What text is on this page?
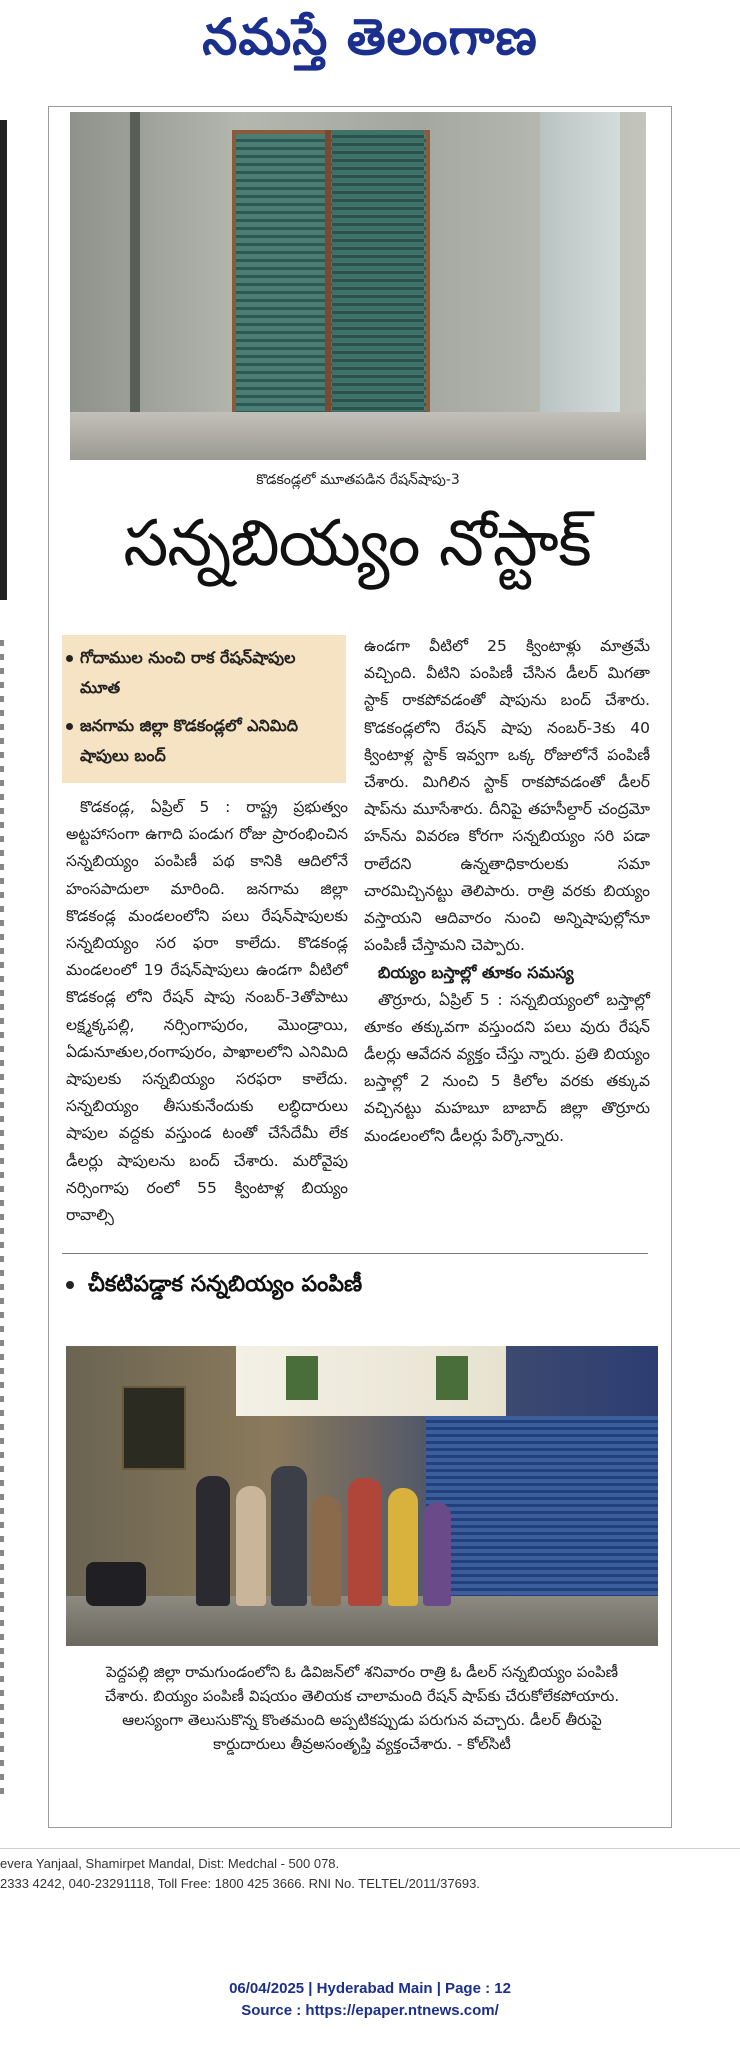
నమస్తే తెలంగాణ
కొడకండ్లలో మూతపడిన రేషన్‌షాపు-3
సన్నబియ్యం నోస్టాక్
గోదాముల నుంచి రాక రేషన్‌షాపుల మూత
జనగామ జిల్లా కొడకండ్లలో ఎనిమిది షాపులు బంద్

కొడకండ్ల, ఏప్రిల్ 5 : రాష్ట్ర ప్రభుత్వం అట్టహాసంగా ఉగాది పండుగ రోజు ప్రారంభించిన సన్నబియ్యం పంపిణీ పథ కానికి ఆదిలోనే హంసపాదులా మారింది. జనగామ జిల్లా కొడకండ్ల మండలంలోని పలు రేషన్‌షాపులకు సన్నబియ్యం సర ఫరా కాలేదు. కొడకండ్ల మండలంలో 19 రేషన్‌షాపులు ఉండగా వీటిలో కొడకండ్ల లోని రేషన్ షాపు నంబర్-3తోపాటు లక్ష్మక్కపల్లి, నర్సింగాపురం, మొండ్రాయి, ఏడునూతుల,రంగాపురం, పాఖాలలోని ఎనిమిది షాపులకు సన్నబియ్యం సరఫరా కాలేదు. సన్నబియ్యం తీసుకునేందుకు లబ్ధిదారులు షాపుల వద్దకు వస్తుండ టంతో చేసేదేమీ లేక డీలర్లు షాపులను బంద్ చేశారు. మరోవైపు నర్సింగాపు రంలో 55 క్వింటాళ్ల బియ్యం రావాల్సి

ఉండగా వీటిలో 25 క్వింటాళ్లు మాత్రమే వచ్చింది. వీటిని పంపిణీ చేసిన డీలర్ మిగతా స్టాక్ రాకపోవడంతో షాపును బంద్ చేశారు. కొడకండ్లలోని రేషన్ షాపు నంబర్-3కు 40 క్వింటాళ్ల స్టాక్ ఇవ్వగా ఒక్క రోజులోనే పంపిణీ చేశారు. మిగిలిన స్టాక్ రాకపోవడంతో డీలర్ షాప్‌ను మూసేశారు. దీనిపై తహసీల్దార్ చంద్రమో హన్‌ను వివరణ కోరగా సన్నబియ్యం సరి పడా రాలేదని ఉన్నతాధికారులకు సమా చారమిచ్చినట్టు తెలిపారు. రాత్రి వరకు బియ్యం వస్తాయని ఆదివారం నుంచి అన్నిషాపుల్లోనూ పంపిణీ చేస్తామని చెప్పారు.

బియ్యం బస్తాల్లో తూకం సమస్య

తొర్రూరు, ఏప్రిల్ 5 : సన్నబియ్యంలో బస్తాల్లో తూకం తక్కువగా వస్తుందని పలు వురు రేషన్ డీలర్లు ఆవేదన వ్యక్తం చేస్తు న్నారు. ప్రతి బియ్యం బస్తాల్లో 2 నుంచి 5 కిలోల వరకు తక్కువ వచ్చినట్టు మహబూ బాబాద్ జిల్లా తొర్రూరు మండలంలోని డీలర్లు పేర్కొన్నారు.

చీకటిపడ్డాక సన్నబియ్యం పంపిణీ
పెద్దపల్లి జిల్లా రామగుండంలోని ఓ డివిజన్‌లో శనివారం రాత్రి ఓ డీలర్ సన్నబియ్యం పంపిణీ చేశారు. బియ్యం పంపిణీ విషయం తెలియక చాలామంది రేషన్ షాప్‌కు చేరుకోలేకపోయారు. ఆలస్యంగా తెలుసుకొన్న కొంతమంది అప్పటికప్పుడు పరుగున వచ్చారు. డీలర్ తీరుపై కార్డుదారులు తీవ్రఅసంతృప్తి వ్యక్తంచేశారు. - కోల్‌సిటీ
evera Yanjaal, Shamirpet Mandal, Dist: Medchal - 500 078.
2333 4242, 040-23291118, Toll Free: 1800 425 3666. RNI No. TELTEL/2011/37693.
06/04/2025 | Hyderabad Main | Page : 12
Source : https://epaper.ntnews.com/
